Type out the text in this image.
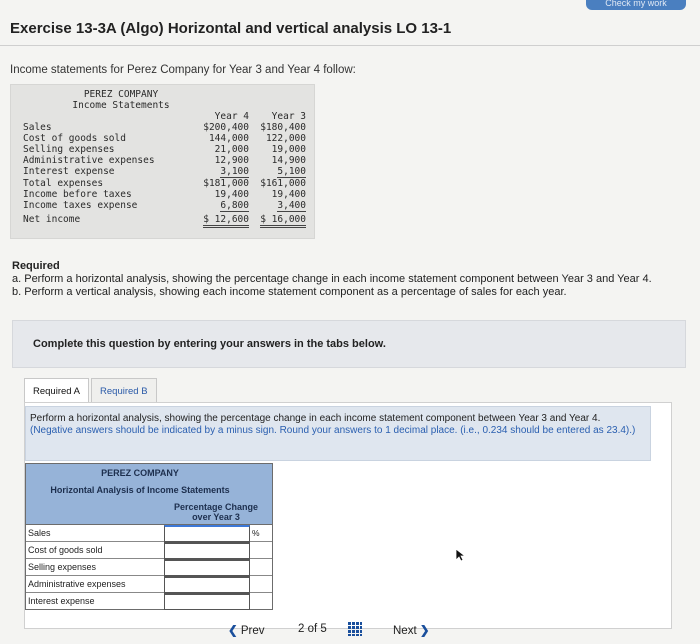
Check my work
Exercise 13-3A (Algo) Horizontal and vertical analysis LO 13-1
Income statements for Perez Company for Year 3 and Year 4 follow:
PEREZ COMPANY
Income Statements
Year 4 Year 3
Sales	$200,400 $180,400
Cost of goods sold	144,000 122,000
Selling expenses	21,000 19,000
Administrative expenses	12,900 14,900
Interest expense	3,100	5,100
Total expenses	$181,000 $161,000
Income before taxes	19,400 19,400
Income taxes expense	6,800	3,400
Net income	$ 12,600 $ 16,000
Required
a. Perform a horizontal analysis, showing the percentage change in each income statement component between Year 3 and Year 4.
b. Perform a vertical analysis, showing each income statement component as a percentage of sales for each year.
Complete this question by entering your answers in the tabs below.
Required A	Required B
Perform a horizontal analysis, showing the percentage change in each income statement component between Year 3 and Year 4. (Negative answers should be indicated by a minus sign. Round your answers to 1 decimal place. (i.e., 0.234 should be entered as 23.4).)
PEREZ COMPANY
Horizontal Analysis of Income Statements
Percentage Change over Year 3
Sales	%
Cost of goods sold
Selling expenses
Administrative expenses
Interest expense
❮ Prev	2 of 5	Next ❯
